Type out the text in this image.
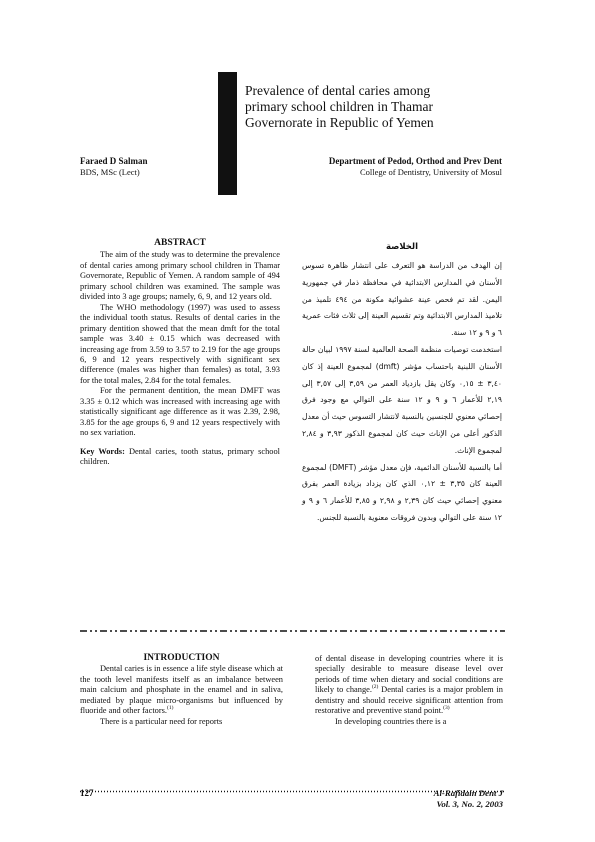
Prevalence of dental caries among
primary school children in Thamar
Governorate in Republic of Yemen
Faraed D Salman
BDS, MSc (Lect)
Department of Pedod, Orthod and Prev Dent
College of Dentistry, University of Mosul
ABSTRACT

The aim of the study was to determine the prevalence of dental caries among primary school children in Thamar Governorate, Republic of Yemen. A random sample of 494 primary school children was examined. The sample was divided into 3 age groups; namely, 6, 9, and 12 years old.

The WHO methodology (1997) was used to assess the individual tooth status. Results of dental caries in the primary dentition showed that the mean dmft for the total sample was 3.40 ± 0.15 which was decreased with increasing age from 3.59 to 3.57 to 2.19 for the age groups 6, 9 and 12 years respectively with significant sex difference (males was higher than females) as total, 3.93 for the total males, 2.84 for the total females.

For the permanent dentition, the mean DMFT was 3.35 ± 0.12 which was increased with increasing age with statistically significant age difference as it was 2.39, 2.98, 3.85 for the age groups 6, 9 and 12 years respectively with no sex variation.

Key Words: Dental caries, tooth status, primary school children.

الخلاصة

إن الهدف من الدراسة هو التعرف على انتشار ظاهرة تسوس الأسنان في المدارس الابتدائية في محافظة ذمار في جمهورية اليمن. لقد تم فحص عينة عشوائية مكونة من ٤٩٤ تلميذ من تلاميذ المدارس الابتدائية وتم تقسيم العينة إلى ثلاث فئات عمرية ٦ و ٩ و ١٢ سنة.

استخدمت توصيات منظمة الصحة العالمية لسنة ١٩٩٧ لبيان حالة الأسنان اللبنية باحتساب مؤشر (dmft) لمجموع العينة إذ كان ٣,٤٠ ± ٠,١٥ وكان يقل بازدياد العمر من ٣,٥٩ إلى ٣,٥٧ إلى ٢,١٩ للأعمار ٦ و ٩ و ١٢ سنة على التوالي مع وجود فرق إحصائي معنوي للجنسين بالنسبة لانتشار التسوس حيث أن معدل الذكور أعلى من الإناث حيث كان لمجموع الذكور ٣,٩٣ و ٢,٨٤ لمجموع الإناث.

أما بالنسبة للأسنان الدائمية، فإن معدل مؤشر (DMFT) لمجموع العينة كان ٣,٣٥ ± ٠,١٢ الذي كان يزداد بزيادة العمر بفرق معنوي إحصائي حيث كان ٢,٣٩ و ٢,٩٨ و ٣,٨٥ للأعمار ٦ و ٩ و ١٢ سنة على التوالي وبدون فروقات معنوية بالنسبة للجنس.

INTRODUCTION

Dental caries is in essence a life style disease which at the tooth level manifests itself as an imbalance between main calcium and phosphate in the enamel and in saliva, mediated by plaque micro-organisms but influenced by fluoride and other factors.$^{(1)}$

There is a particular need for reports

of dental disease in developing countries where it is specially desirable to measure disease level over periods of time when dietary and social conditions are likely to change.$^{(2)}$ Dental caries is a major problem in dentistry and should receive significant attention from restorative and preventive stand point.$^{(3)}$

In developing countries there is a

127	Al-Rafidain Dent J
Vol. 3, No. 2, 2003
